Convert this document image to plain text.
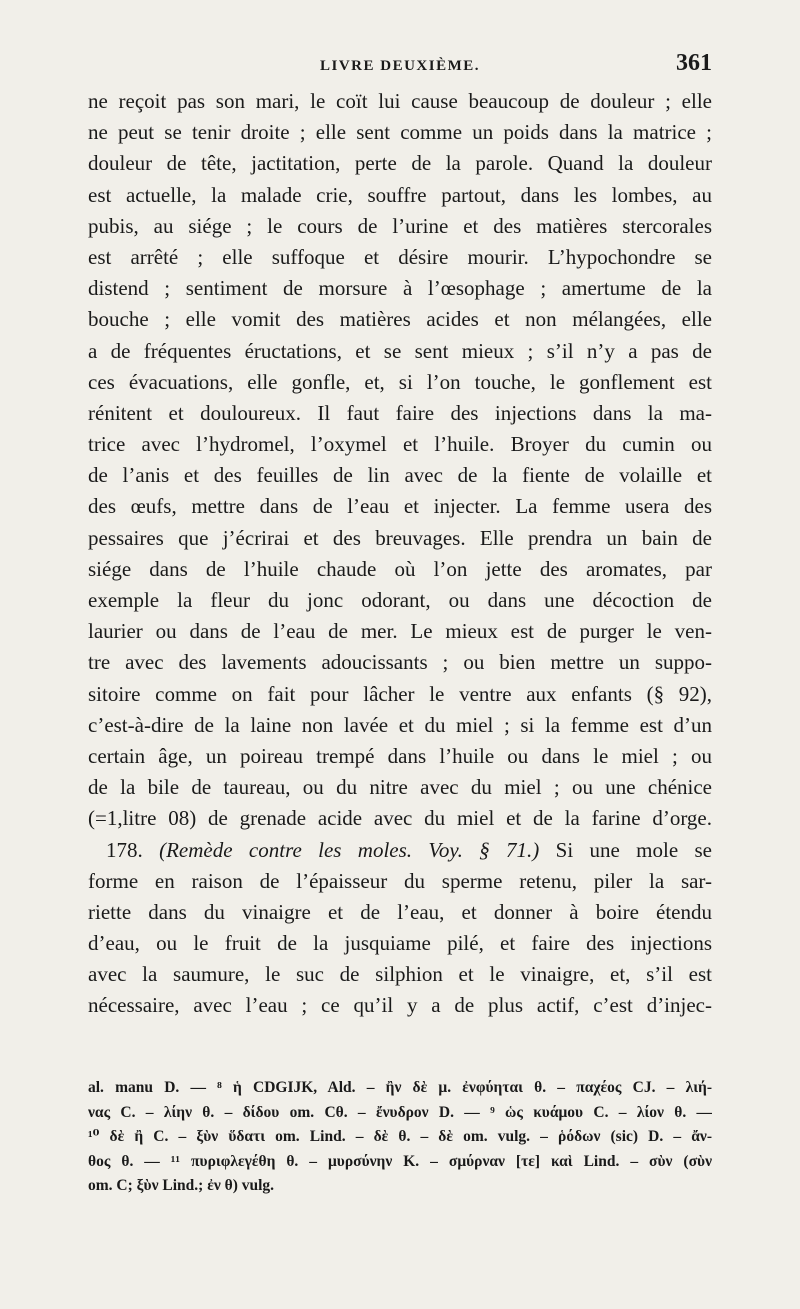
LIVRE DEUXIÈME.	361
ne reçoit pas son mari, le coït lui cause beaucoup de douleur ; elle
ne peut se tenir droite ; elle sent comme un poids dans la matrice ;
douleur de tête, jactitation, perte de la parole. Quand la douleur
est actuelle, la malade crie, souffre partout, dans les lombes, au
pubis, au siége ; le cours de l’urine et des matières stercorales
est arrêté ; elle suffoque et désire mourir. L’hypochondre se
distend ; sentiment de morsure à l’œsophage ; amertume de la
bouche ; elle vomit des matières acides et non mélangées, elle
a de fréquentes éructations, et se sent mieux ; s’il n’y a pas de
ces évacuations, elle gonfle, et, si l’on touche, le gonflement est
rénitent et douloureux. Il faut faire des injections dans la ma-
trice avec l’hydromel, l’oxymel et l’huile. Broyer du cumin ou
de l’anis et des feuilles de lin avec de la fiente de volaille et
des œufs, mettre dans de l’eau et injecter. La femme usera des
pessaires que j’écrirai et des breuvages. Elle prendra un bain de
siége dans de l’huile chaude où l’on jette des aromates, par
exemple la fleur du jonc odorant, ou dans une décoction de
laurier ou dans de l’eau de mer. Le mieux est de purger le ven-
tre avec des lavements adoucissants ; ou bien mettre un suppo-
sitoire comme on fait pour lâcher le ventre aux enfants (§ 92),
c’est-à-dire de la laine non lavée et du miel ; si la femme est d’un
certain âge, un poireau trempé dans l’huile ou dans le miel ; ou
de la bile de taureau, ou du nitre avec du miel ; ou une chénice
(=1,litre 08) de grenade acide avec du miel et de la farine d’orge.
178. (Remède contre les moles. Voy. § 71.) Si une mole se
forme en raison de l’épaisseur du sperme retenu, piler la sar-
riette dans du vinaigre et de l’eau, et donner à boire étendu
d’eau, ou le fruit de la jusquiame pilé, et faire des injections
avec la saumure, le suc de silphion et le vinaigre, et, s’il est
nécessaire, avec l’eau ; ce qu’il y a de plus actif, c’est d’injec-
al. manu D. — ⁸ ἡ CDGIJK, Ald. – ἢν δὲ μ. ἐνφύηται θ. – παχέος CJ. – λιή-
νας C. – λίην θ. – δίδου om. Cθ. – ἔνυδρον D. — ⁹ ὡς κυάμου C. – λίον θ. —
¹⁰ δὲ ἢ C. – ξὺν ὕδατι om. Lind. – δὲ θ. – δὲ om. vulg. – ῥόδων (sic) D. – ἄν-
θος θ. — ¹¹ πυριφλεγέθη θ. – μυρσύνην K. – σμύρναν [τε] καὶ Lind. – σὺν (σὺν
om. C; ξὺν Lind.; ἐν θ) vulg.
